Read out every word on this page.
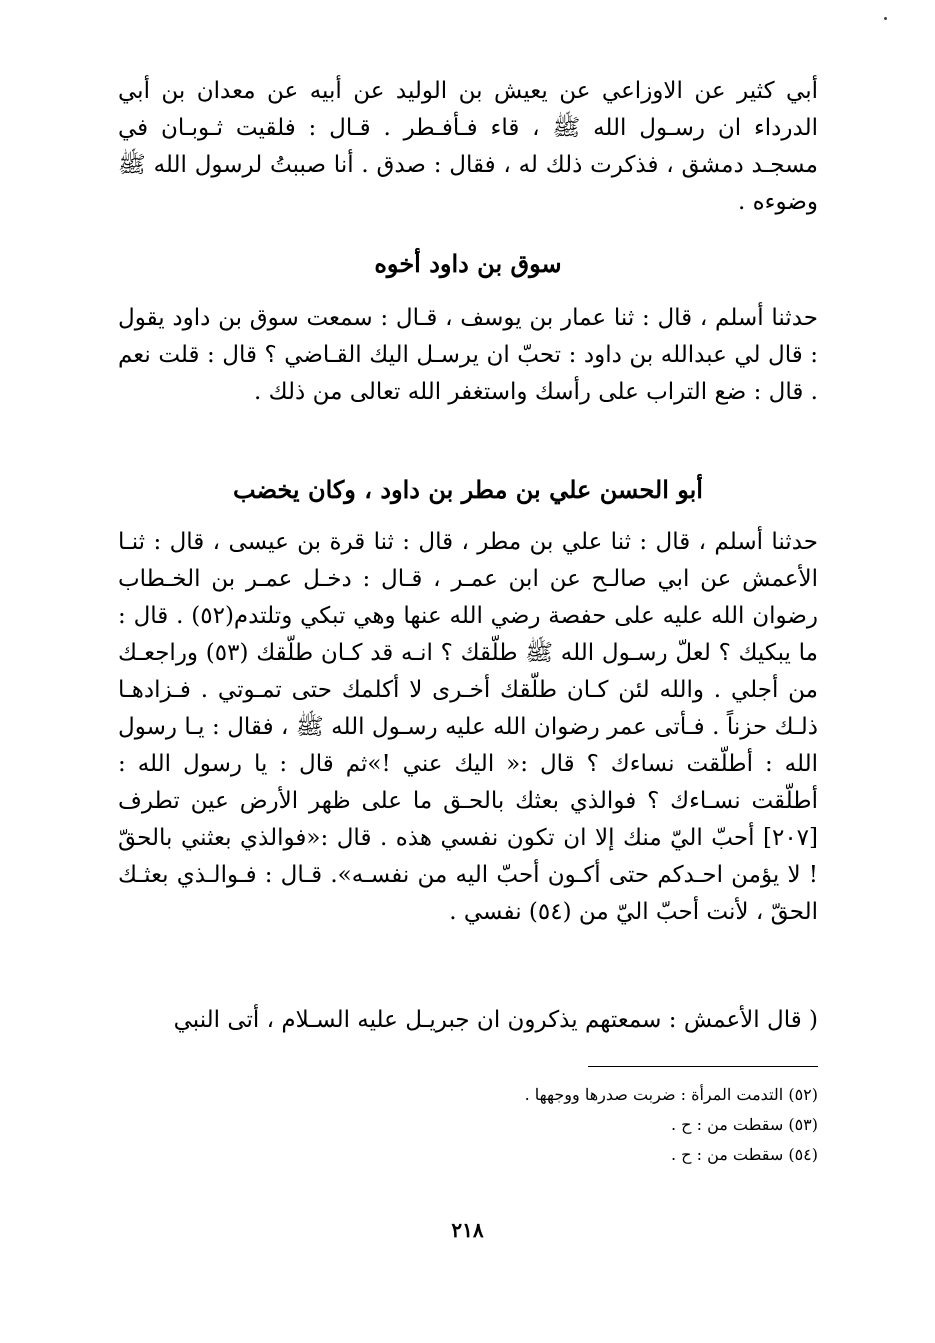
أبي كثير عن الاوزاعي عن يعيش بن الوليد عن أبيه عن معدان بن أبي الدرداء ان رسـول الله ﷺ ، قاء فـأفـطر . قـال : فلقيت ثـوبـان في مسجـد دمشق ، فذكرت ذلك له ، فقال : صدق . أنا صببتُ لرسول الله ﷺ وضوءه .

سوق بن داود أخوه

حدثنا أسلم ، قال : ثنا عمار بن يوسف ، قـال : سمعت سوق بن داود يقول : قال لي عبدالله بن داود : تحبّ ان يرسـل اليك القـاضي ؟ قال : قلت نعم . قال : ضع التراب على رأسك واستغفر الله تعالى من ذلك .

أبو الحسن علي بن مطر بن داود ، وكان يخضب

حدثنا أسلم ، قال : ثنا علي بن مطر ، قال : ثنا قرة بن عيسى ، قال : ثنـا الأعمش عن ابي صالـح عن ابن عمـر ، قـال : دخـل عمـر بن الخـطاب رضوان الله عليه على حفصة رضي الله عنها وهي تبكي وتلتدم(٥٢) . قال : ما يبكيك ؟ لعلّ رسـول الله ﷺ طلّقك ؟ انـه قد كـان طلّقك (٥٣) وراجعـك من أجلي . والله لئن كـان طلّقك أخـرى لا أكلمك حتى تمـوتي . فـزادهـا ذلـك حزناً . فـأتى عمر رضوان الله عليه رسـول الله ﷺ ، فقال : يـا رسول الله : أطلّقت نساءك ؟ قال :« اليك عني !»ثم قال : يا رسول الله : أطلّقت نسـاءك ؟ فوالذي بعثك بالحـق ما على ظهر الأرض عين تطرف [٢٠٧] أحبّ اليّ منك إلا ان تكون نفسي هذه . قال :«فوالذي بعثني بالحقّ ! لا يؤمن احـدكم حتى أكـون أحبّ اليه من نفسـه». قـال : فـوالـذي بعثـك الحقّ ، لأنت أحبّ اليّ من (٥٤) نفسي .

( قال الأعمش : سمعتهم يذكرون ان جبريـل عليه السـلام ، أتى النبي

(٥٢) التدمت المرأة : ضربت صدرها ووجهها .

(٥٣) سقطت من : ح .

(٥٤) سقطت من : ح .

٢١٨
